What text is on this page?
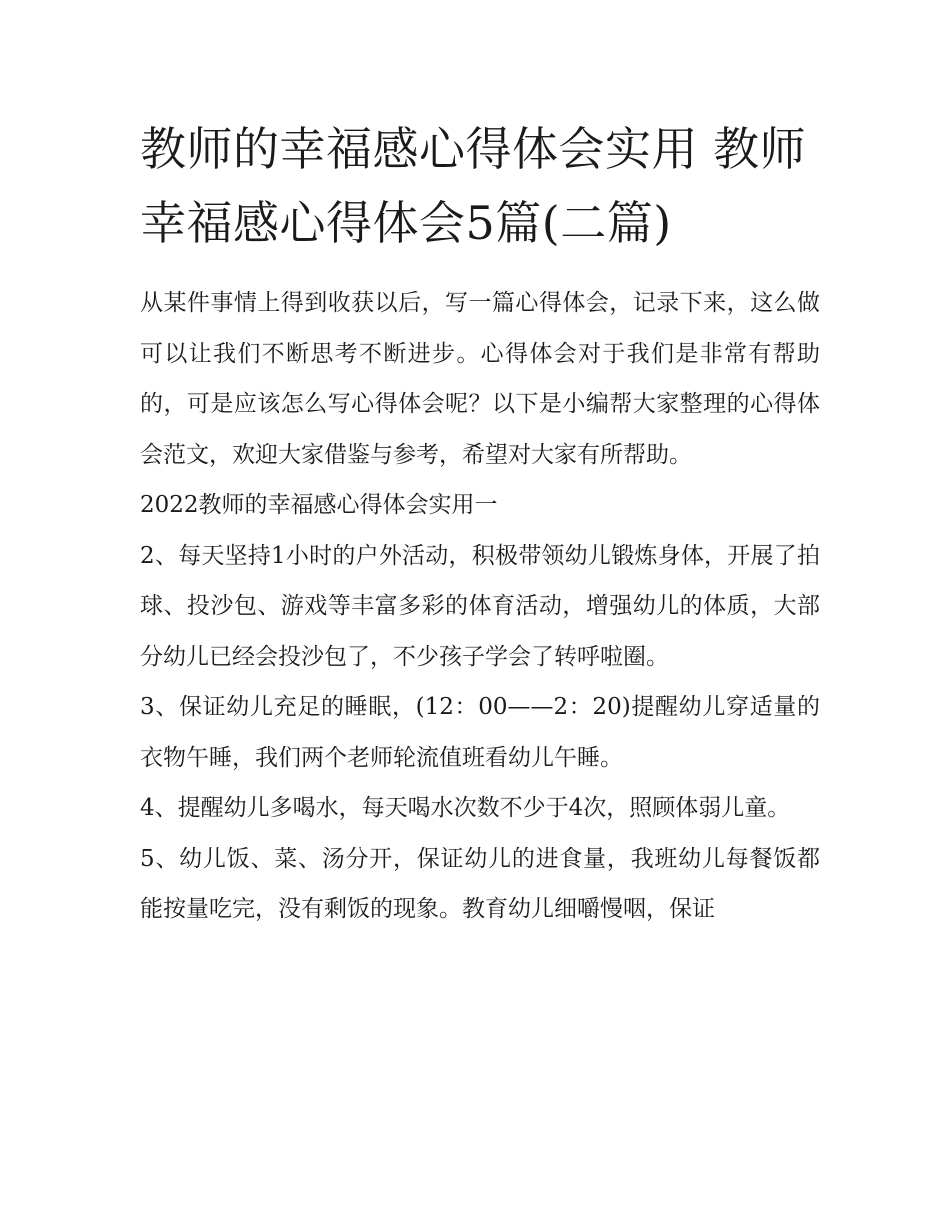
教师的幸福感心得体会实用 教师幸福感心得体会5篇(二篇)

从某件事情上得到收获以后，写一篇心得体会，记录下来，这么做可以让我们不断思考不断进步。心得体会对于我们是非常有帮助的，可是应该怎么写心得体会呢？以下是小编帮大家整理的心得体会范文，欢迎大家借鉴与参考，希望对大家有所帮助。

2022教师的幸福感心得体会实用一

2、每天坚持1小时的户外活动，积极带领幼儿锻炼身体，开展了拍球、投沙包、游戏等丰富多彩的体育活动，增强幼儿的体质，大部分幼儿已经会投沙包了，不少孩子学会了转呼啦圈。

3、保证幼儿充足的睡眠，(12：00——2：20)提醒幼儿穿适量的衣物午睡，我们两个老师轮流值班看幼儿午睡。

4、提醒幼儿多喝水，每天喝水次数不少于4次，照顾体弱儿童。

5、幼儿饭、菜、汤分开，保证幼儿的进食量，我班幼儿每餐饭都能按量吃完，没有剩饭的现象。教育幼儿细嚼慢咽，保证
